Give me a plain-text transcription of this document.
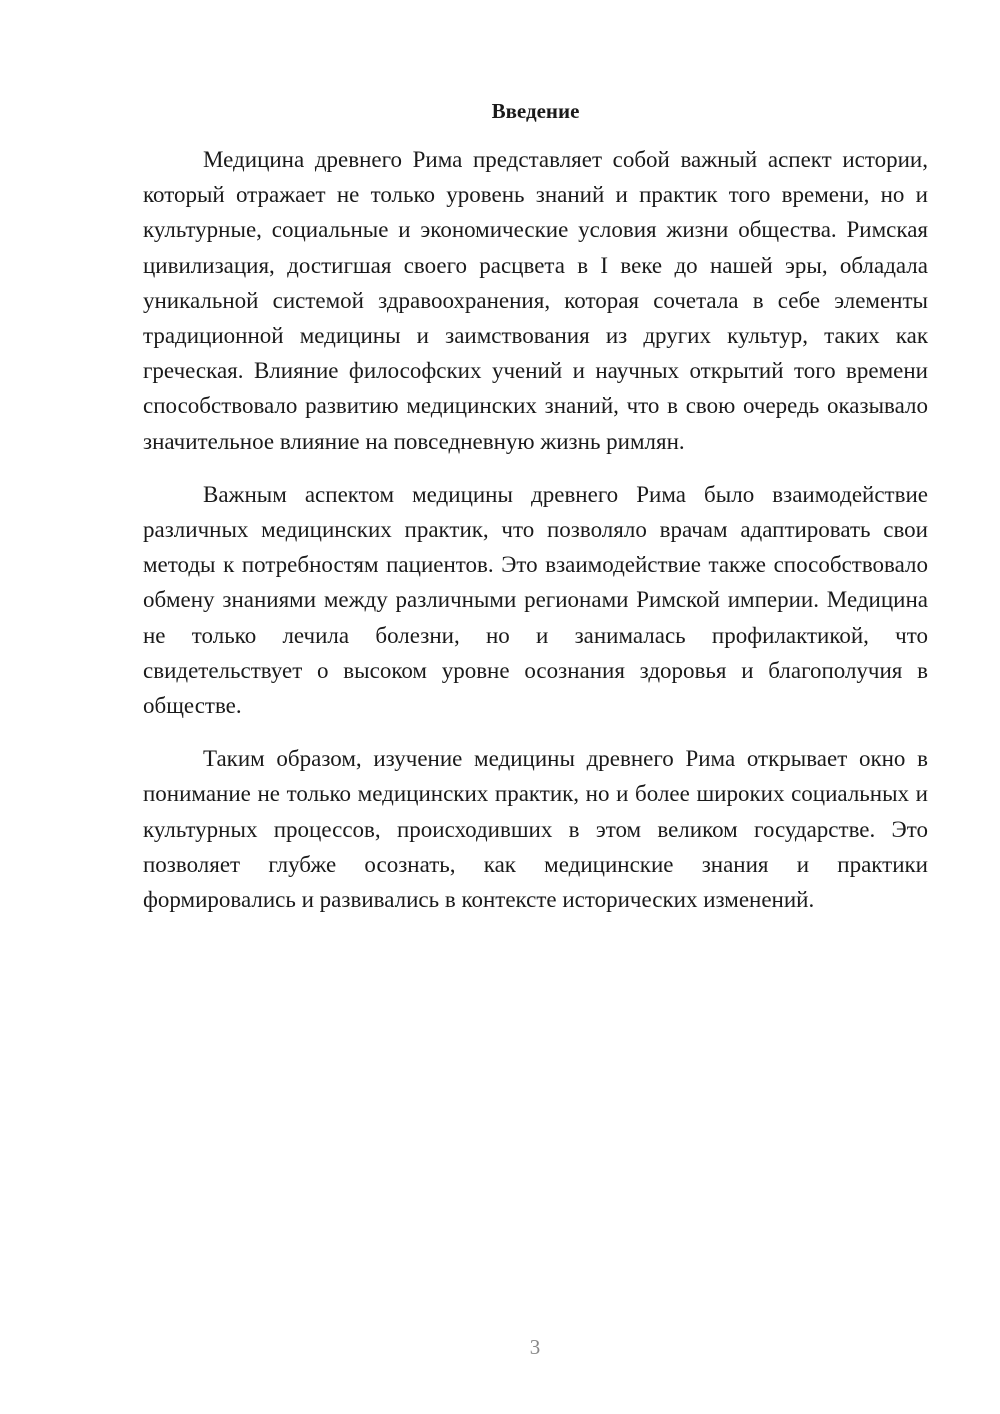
Введение

Медицина древнего Рима представляет собой важный аспект истории, который отражает не только уровень знаний и практик того времени, но и культурные, социальные и экономические условия жизни общества. Римская цивилизация, достигшая своего расцвета в I веке до нашей эры, обладала уникальной системой здравоохранения, которая сочетала в себе элементы традиционной медицины и заимствования из других культур, таких как греческая. Влияние философских учений и научных открытий того времени способствовало развитию медицинских знаний, что в свою очередь оказывало значительное влияние на повседневную жизнь римлян.

Важным аспектом медицины древнего Рима было взаимодействие различных медицинских практик, что позволяло врачам адаптировать свои методы к потребностям пациентов. Это взаимодействие также способствовало обмену знаниями между различными регионами Римской империи. Медицина не только лечила болезни, но и занималась профилактикой, что свидетельствует о высоком уровне осознания здоровья и благополучия в обществе.

Таким образом, изучение медицины древнего Рима открывает окно в понимание не только медицинских практик, но и более широких социальных и культурных процессов, происходивших в этом великом государстве. Это позволяет глубже осознать, как медицинские знания и практики формировались и развивались в контексте исторических изменений.

3
